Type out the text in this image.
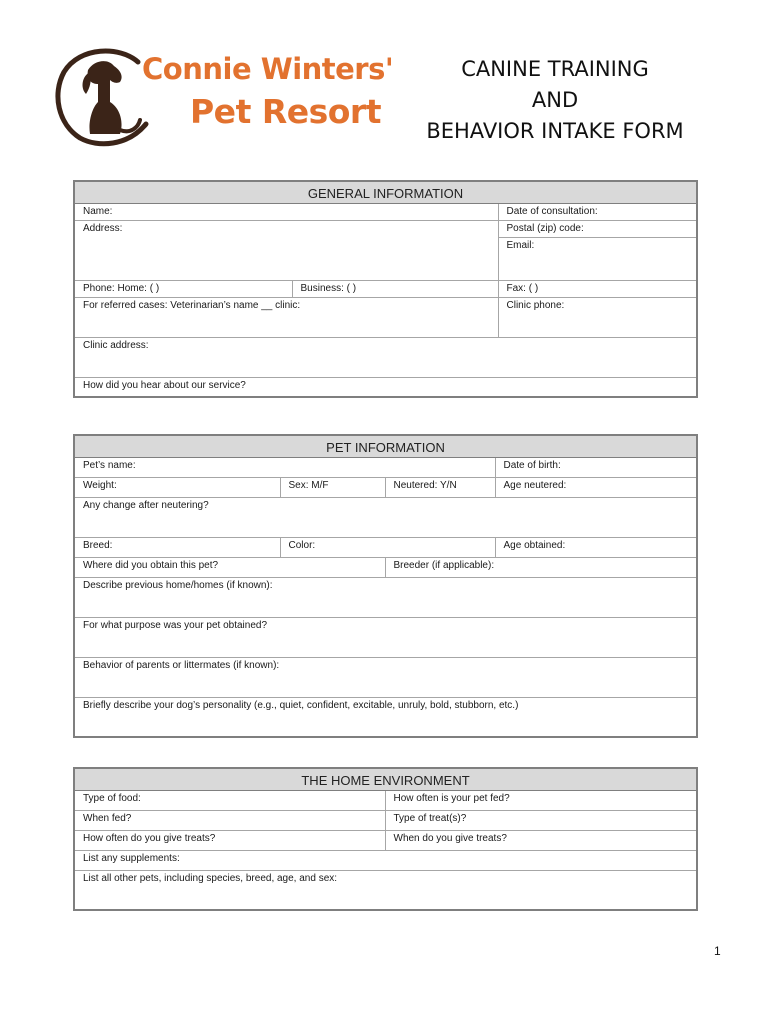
Connie Winters'
Pet Resort
CANINE TRAINING
AND
BEHAVIOR INTAKE FORM
GENERAL INFORMATION		
Name:		Date of consultation:
Address:		Postal (zip) code:
		Email:
Phone: Home: ( )	Business: ( )	Fax: ( )
For referred cases: Veterinarian’s name __ clinic:		Clinic phone:
Clinic address:		
How did you hear about our service?		
PET INFORMATION			
Pet’s name:			Date of birth:
Weight:	Sex: M/F	Neutered: Y/N	Age neutered:
Any change after neutering?			
Breed:	Color:		Age obtained:
Where did you obtain this pet?		Breeder (if applicable):	
Describe previous home/homes (if known):			
For what purpose was your pet obtained?			
Behavior of parents or littermates (if known):			
Briefly describe your dog’s personality (e.g., quiet, confident, excitable, unruly, bold, stubborn, etc.)			
THE HOME ENVIRONMENT	
Type of food:	How often is your pet fed?
When fed?	Type of treat(s)?
How often do you give treats?	When do you give treats?
List any supplements:	
List all other pets, including species, breed, age, and sex:	
1
